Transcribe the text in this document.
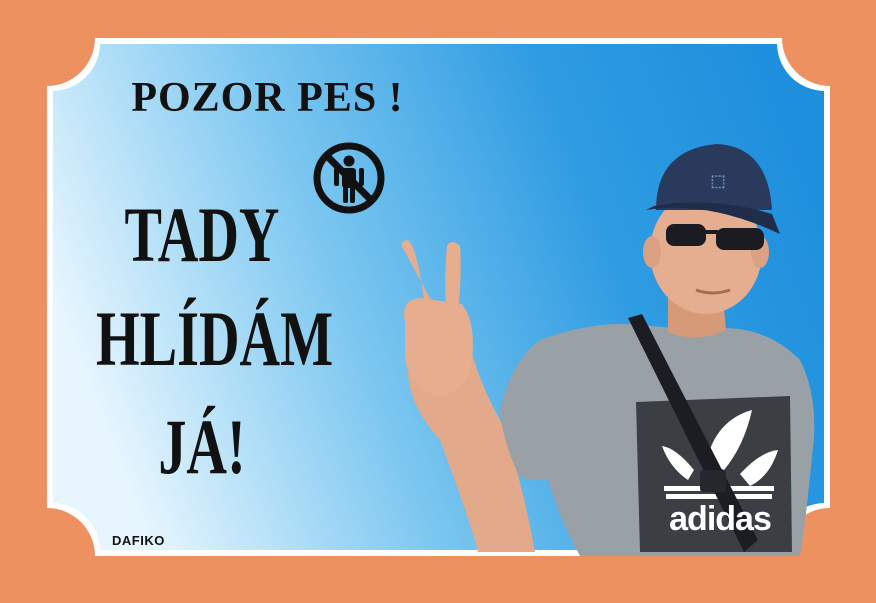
⬚

POZOR PES !

TADY

HLÍDÁM

JÁ!

DAFIKO

adidas
